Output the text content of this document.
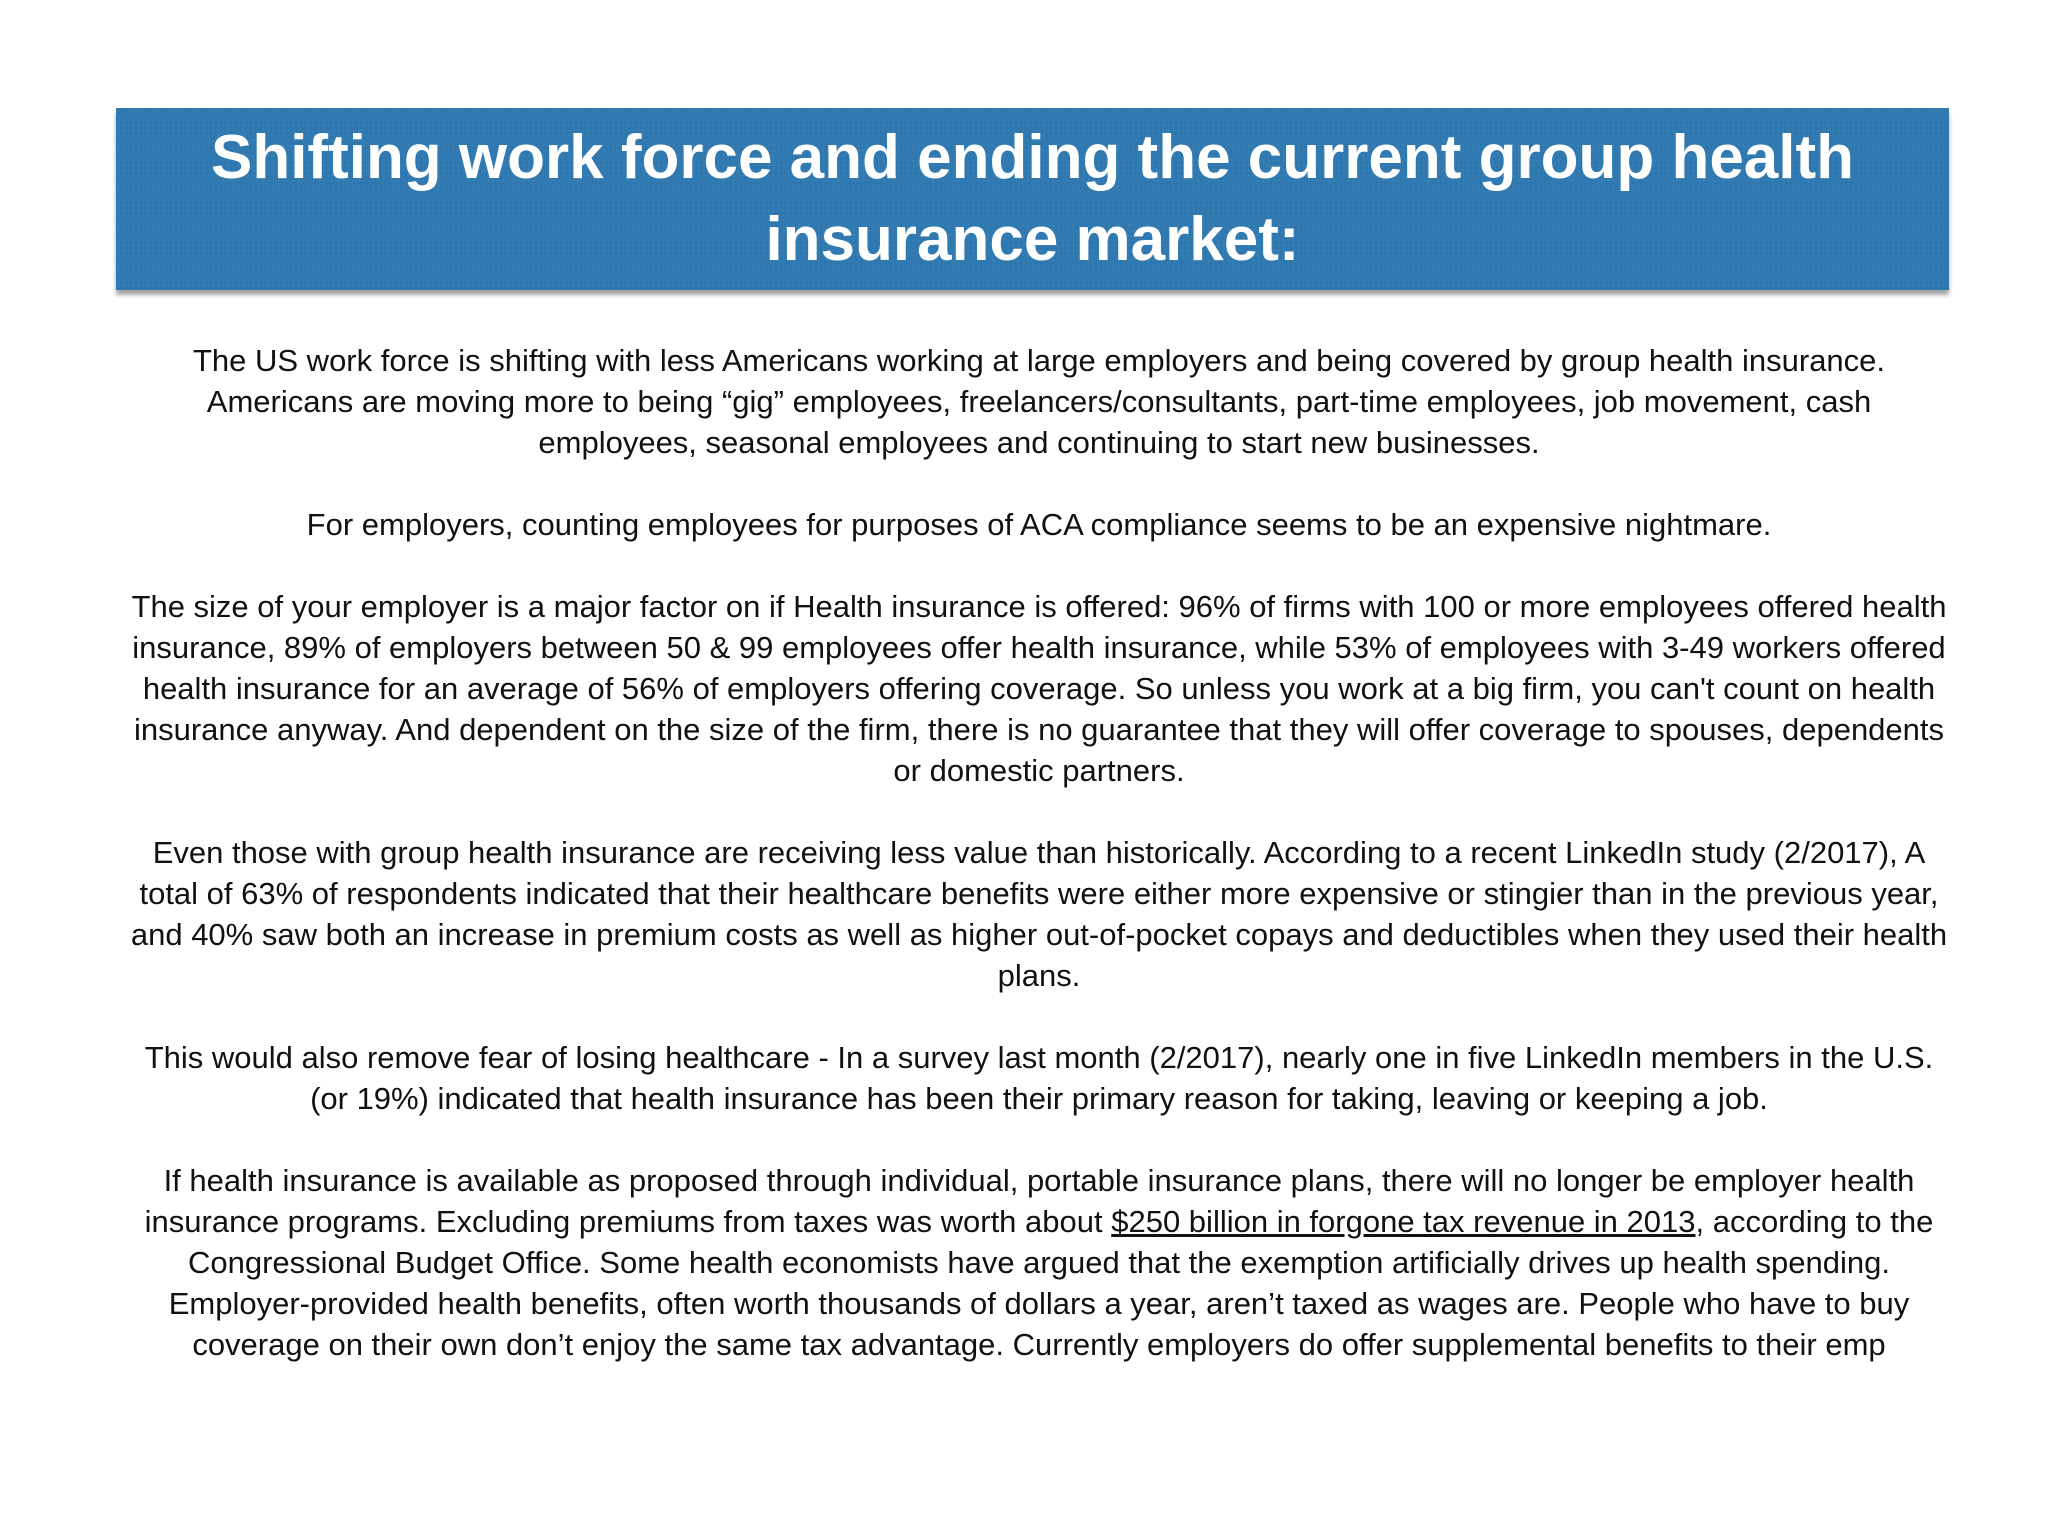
Shifting work force and ending the current group health insurance market:

The US work force is shifting with less Americans working at large employers and being covered by group health insurance. Americans are moving more to being “gig” employees, freelancers/consultants, part-time employees, job movement, cash employees, seasonal employees and continuing to start new businesses.

For employers, counting employees for purposes of ACA compliance seems to be an expensive nightmare.

The size of your employer is a major factor on if Health insurance is offered: 96% of firms with 100 or more employees offered health insurance, 89% of employers between 50 & 99 employees offer health insurance, while 53% of employees with 3-49 workers offered health insurance for an average of 56% of employers offering coverage. So unless you work at a big firm, you can't count on health insurance anyway. And dependent on the size of the firm, there is no guarantee that they will offer coverage to spouses, dependents or domestic partners.

Even those with group health insurance are receiving less value than historically. According to a recent LinkedIn study (2/2017), A total of 63% of respondents indicated that their healthcare benefits were either more expensive or stingier than in the previous year, and 40% saw both an increase in premium costs as well as higher out-of-pocket copays and deductibles when they used their health plans.

This would also remove fear of losing healthcare - In a survey last month (2/2017), nearly one in five LinkedIn members in the U.S. (or 19%) indicated that health insurance has been their primary reason for taking, leaving or keeping a job.

If health insurance is available as proposed through individual, portable insurance plans, there will no longer be employer health insurance programs. Excluding premiums from taxes was worth about $250 billion in forgone tax revenue in 2013, according to the Congressional Budget Office. Some health economists have argued that the exemption artificially drives up health spending. Employer-provided health benefits, often worth thousands of dollars a year, aren’t taxed as wages are. People who have to buy coverage on their own don’t enjoy the same tax advantage. Currently employers do offer supplemental benefits to their emp
